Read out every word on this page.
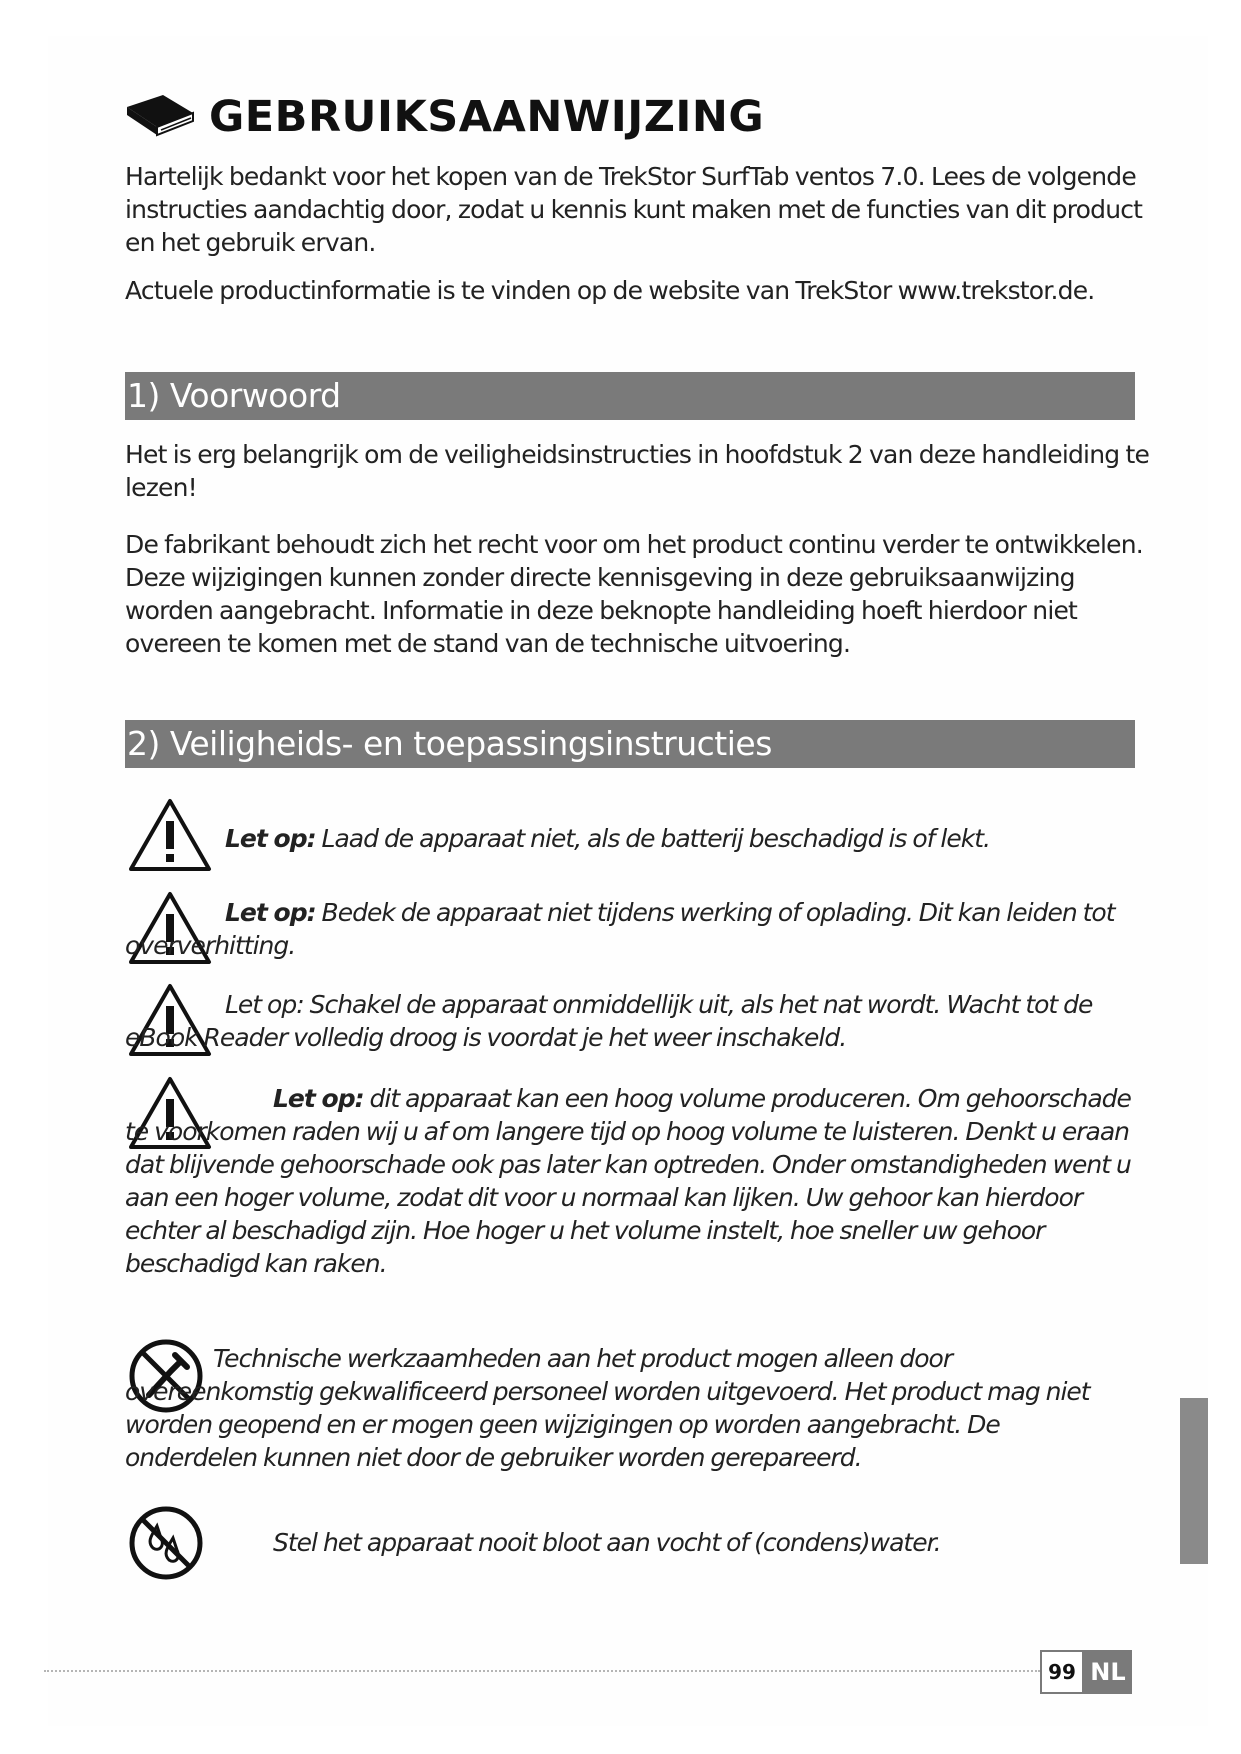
GEBRUIKSAANWIJZING

Hartelijk bedankt voor het kopen van de TrekStor SurfTab ventos 7.0. Lees de volgende instructies aandachtig door, zodat u kennis kunt maken met de functies van dit product en het gebruik ervan.

Actuele productinformatie is te vinden op de website van TrekStor www.trekstor.de.

1) Voorwoord

Het is erg belangrijk om de veiligheidsinstructies in hoofdstuk 2 van deze handleiding te lezen!

De fabrikant behoudt zich het recht voor om het product continu verder te ontwikkelen. Deze wijzigingen kunnen zonder directe kennisgeving in deze gebruiksaanwijzing worden aangebracht. Informatie in deze beknopte handleiding hoeft hierdoor niet overeen te komen met de stand van de technische uitvoering.

2) Veiligheids- en toepassingsinstructies
Let op: Laad de apparaat niet, als de batterij beschadigd is of lekt.
Let op: Bedek de apparaat niet tijdens werking of oplading. Dit kan leiden tot oververhitting.
Let op: Schakel de apparaat onmiddellijk uit, als het nat wordt. Wacht tot de eBook Reader volledig droog is voordat je het weer inschakeld.
Let op: dit apparaat kan een hoog volume produceren. Om gehoorschade te voorkomen raden wij u af om langere tijd op hoog volume te luisteren. Denkt u eraan dat blijvende gehoorschade ook pas later kan optreden. Onder omstandigheden went u aan een hoger volume, zodat dit voor u normaal kan lijken. Uw gehoor kan hierdoor echter al beschadigd zijn. Hoe hoger u het volume instelt, hoe sneller uw gehoor beschadigd kan raken.
Technische werkzaamheden aan het product mogen alleen door overeenkomstig gekwalificeerd personeel worden uitgevoerd. Het product mag niet worden geopend en er mogen geen wijzigingen op worden aangebracht. De onderdelen kunnen niet door de gebruiker worden gerepareerd.
Stel het apparaat nooit bloot aan vocht of (condens)water.
99 NL
